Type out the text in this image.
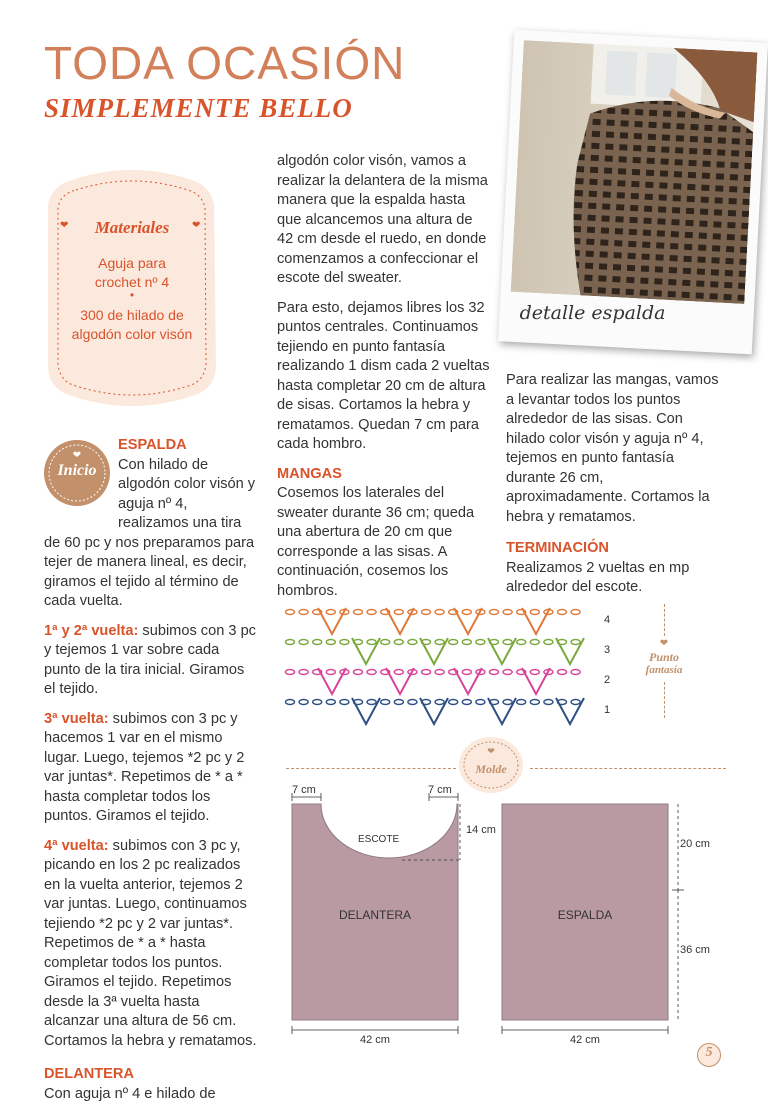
TODA OCASIÓN
SIMPLEMENTE BELLO
❤	❤
Materiales
Aguja para crochet nº 4
•
300 de hilado de algodón color visón
❤
Inicio
ESPALDA
Con hilado de algodón color visón y aguja nº 4, realizamos una tira de 60 pc y nos preparamos para tejer de manera lineal, es decir, giramos el tejido al término de cada vuelta.

1ª y 2ª vuelta: subimos con 3 pc y tejemos 1 var sobre cada punto de la tira inicial. Giramos el tejido.

3ª vuelta: subimos con 3 pc y hacemos 1 var en el mismo lugar. Luego, tejemos *2 pc y 2 var juntas*. Repetimos de * a * hasta completar todos los puntos. Giramos el tejido.

4ª vuelta: subimos con 3 pc y, picando en los 2 pc realizados en la vuelta anterior, tejemos 2 var juntas. Luego, continuamos tejiendo *2 pc y 2 var juntas*. Repetimos de * a * hasta completar todos los puntos. Giramos el tejido. Repetimos desde la 3ª vuelta hasta alcanzar una altura de 56 cm. Cortamos la hebra y rematamos.

DELANTERA
Con aguja nº 4 e hilado de

algodón color visón, vamos a realizar la delantera de la misma manera que la espalda hasta que alcancemos una altura de 42 cm desde el ruedo, en donde comenzamos a confeccionar el escote del sweater.

Para esto, dejamos libres los 32 puntos centrales. Continuamos tejiendo en punto fantasía realizando 1 dism cada 2 vueltas hasta completar 20 cm de altura de sisas. Cortamos la hebra y rematamos. Quedan 7 cm para cada hombro.

MANGAS
Cosemos los laterales del sweater durante 36 cm; queda una abertura de 20 cm que corresponde a las sisas. A continuación, cosemos los hombros.

Para realizar las mangas, vamos a levantar todos los puntos alrededor de las sisas. Con hilado color visón y aguja nº 4, tejemos en punto fantasía durante 26 cm, aproximadamente. Cortamos la hebra y rematamos.

TERMINACIÓN
Realizamos 2 vueltas en mp alrededor del escote.
detalle espalda
4
3
2
1
❤
Punto
fantasía
❤
Molde
7 cm	7 cm
14 cm
ESCOTE
DELANTERA	ESPALDA
42 cm	42 cm
20 cm
36 cm
5
